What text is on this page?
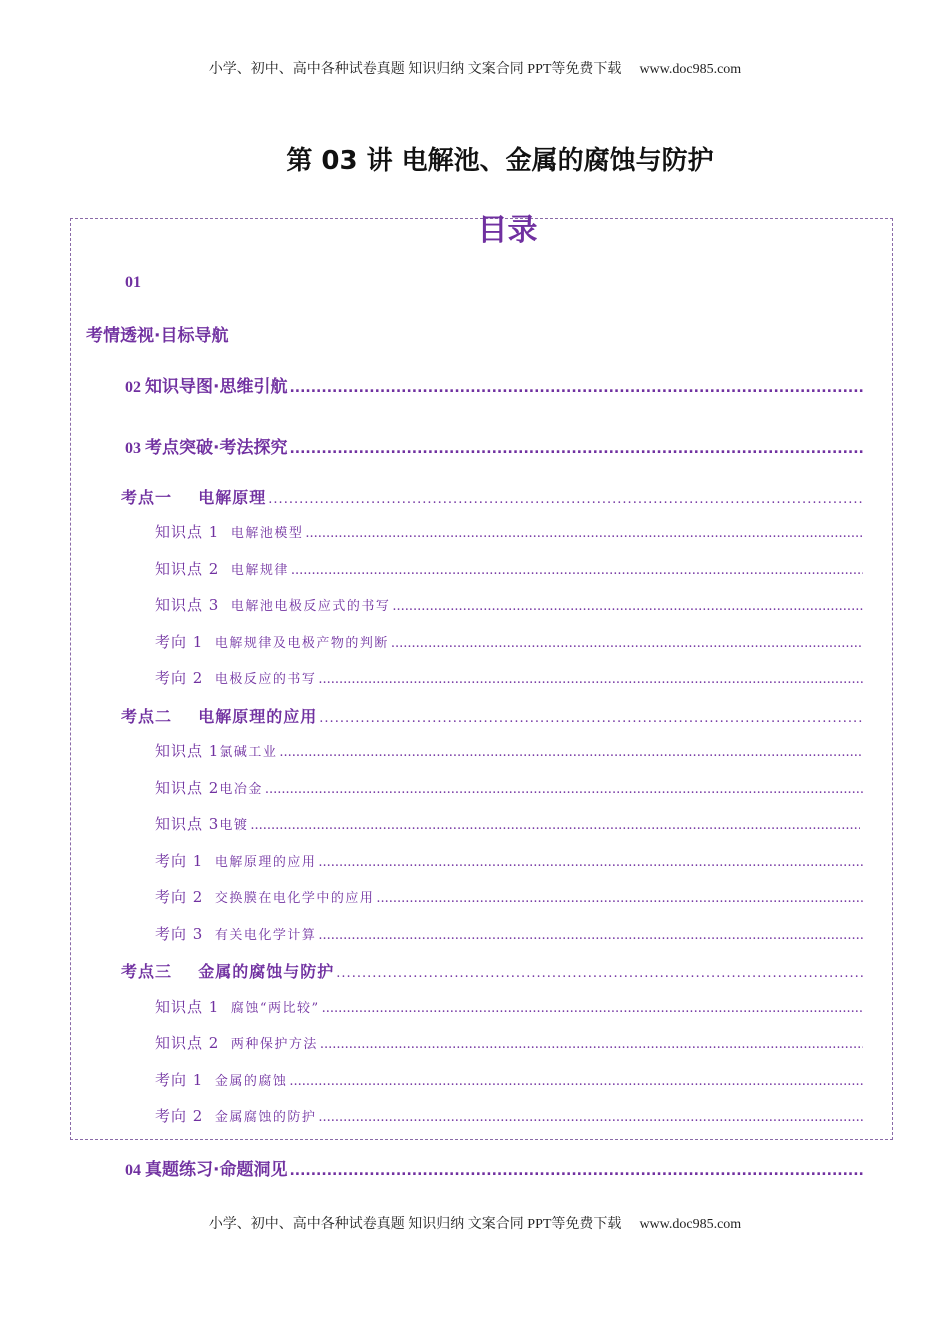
小学、初中、高中各种试卷真题 知识归纳 文案合同 PPT等免费下载 www.doc985.com
第 03 讲 电解池、金属的腐蚀与防护
目录
01
考情透视·目标导航
02 知识导图·思维引航
.....
03 考点突破·考法探究
.....
考点一    电解原理
.....
知识点 1 电解池模型
.....
知识点 2 电解规律
.....
知识点 3 电解池电极反应式的书写
.....
考向 1 电解规律及电极产物的判断
.....
考向 2 电极反应的书写
.....
考点二    电解原理的应用
.....
知识点 1氯碱工业
.....
知识点 2电冶金
.....
知识点 3电镀
.....
考向 1 电解原理的应用
.....
考向 2 交换膜在电化学中的应用
.....
考向 3 有关电化学计算
.....
考点三    金属的腐蚀与防护
.....
知识点 1 腐蚀“两比较”
.....
知识点 2 两种保护方法
.....
考向 1 金属的腐蚀
.....
考向 2 金属腐蚀的防护
.....
04 真题练习·命题洞见
.....
小学、初中、高中各种试卷真题 知识归纳 文案合同 PPT等免费下载 www.doc985.com
